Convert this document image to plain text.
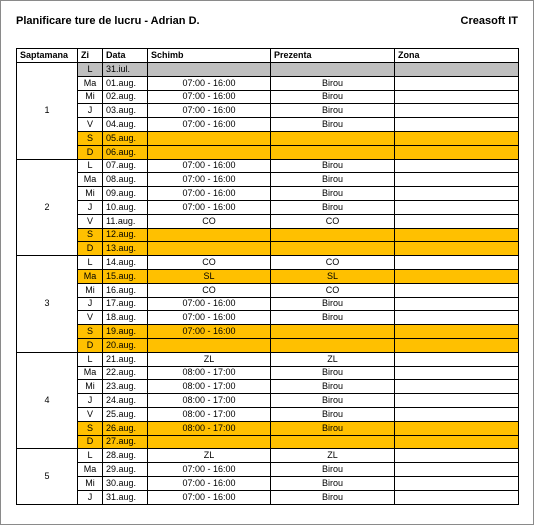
Planificare ture de lucru - Adrian D.	Creasoft IT
Saptamana	Zi	Data	Schimb	Prezenta	Zona
1	L	31.iul.			
	Ma	01.aug.	07:00 - 16:00	Birou	
	Mi	02.aug.	07:00 - 16:00	Birou	
	J	03.aug.	07:00 - 16:00	Birou	
	V	04.aug.	07:00 - 16:00	Birou	
	S	05.aug.			
	D	06.aug.			
2	L	07.aug.	07:00 - 16:00	Birou	
	Ma	08.aug.	07:00 - 16:00	Birou	
	Mi	09.aug.	07:00 - 16:00	Birou	
	J	10.aug.	07:00 - 16:00	Birou	
	V	11.aug.	CO	CO	
	S	12.aug.			
	D	13.aug.			
3	L	14.aug.	CO	CO	
	Ma	15.aug.	SL	SL	
	Mi	16.aug.	CO	CO	
	J	17.aug.	07:00 - 16:00	Birou	
	V	18.aug.	07:00 - 16:00	Birou	
	S	19.aug.	07:00 - 16:00		
	D	20.aug.			
4	L	21.aug.	ZL	ZL	
	Ma	22.aug.	08:00 - 17:00	Birou	
	Mi	23.aug.	08:00 - 17:00	Birou	
	J	24.aug.	08:00 - 17:00	Birou	
	V	25.aug.	08:00 - 17:00	Birou	
	S	26.aug.	08:00 - 17:00	Birou	
	D	27.aug.			
5	L	28.aug.	ZL	ZL	
	Ma	29.aug.	07:00 - 16:00	Birou	
	Mi	30.aug.	07:00 - 16:00	Birou	
	J	31.aug.	07:00 - 16:00	Birou	
